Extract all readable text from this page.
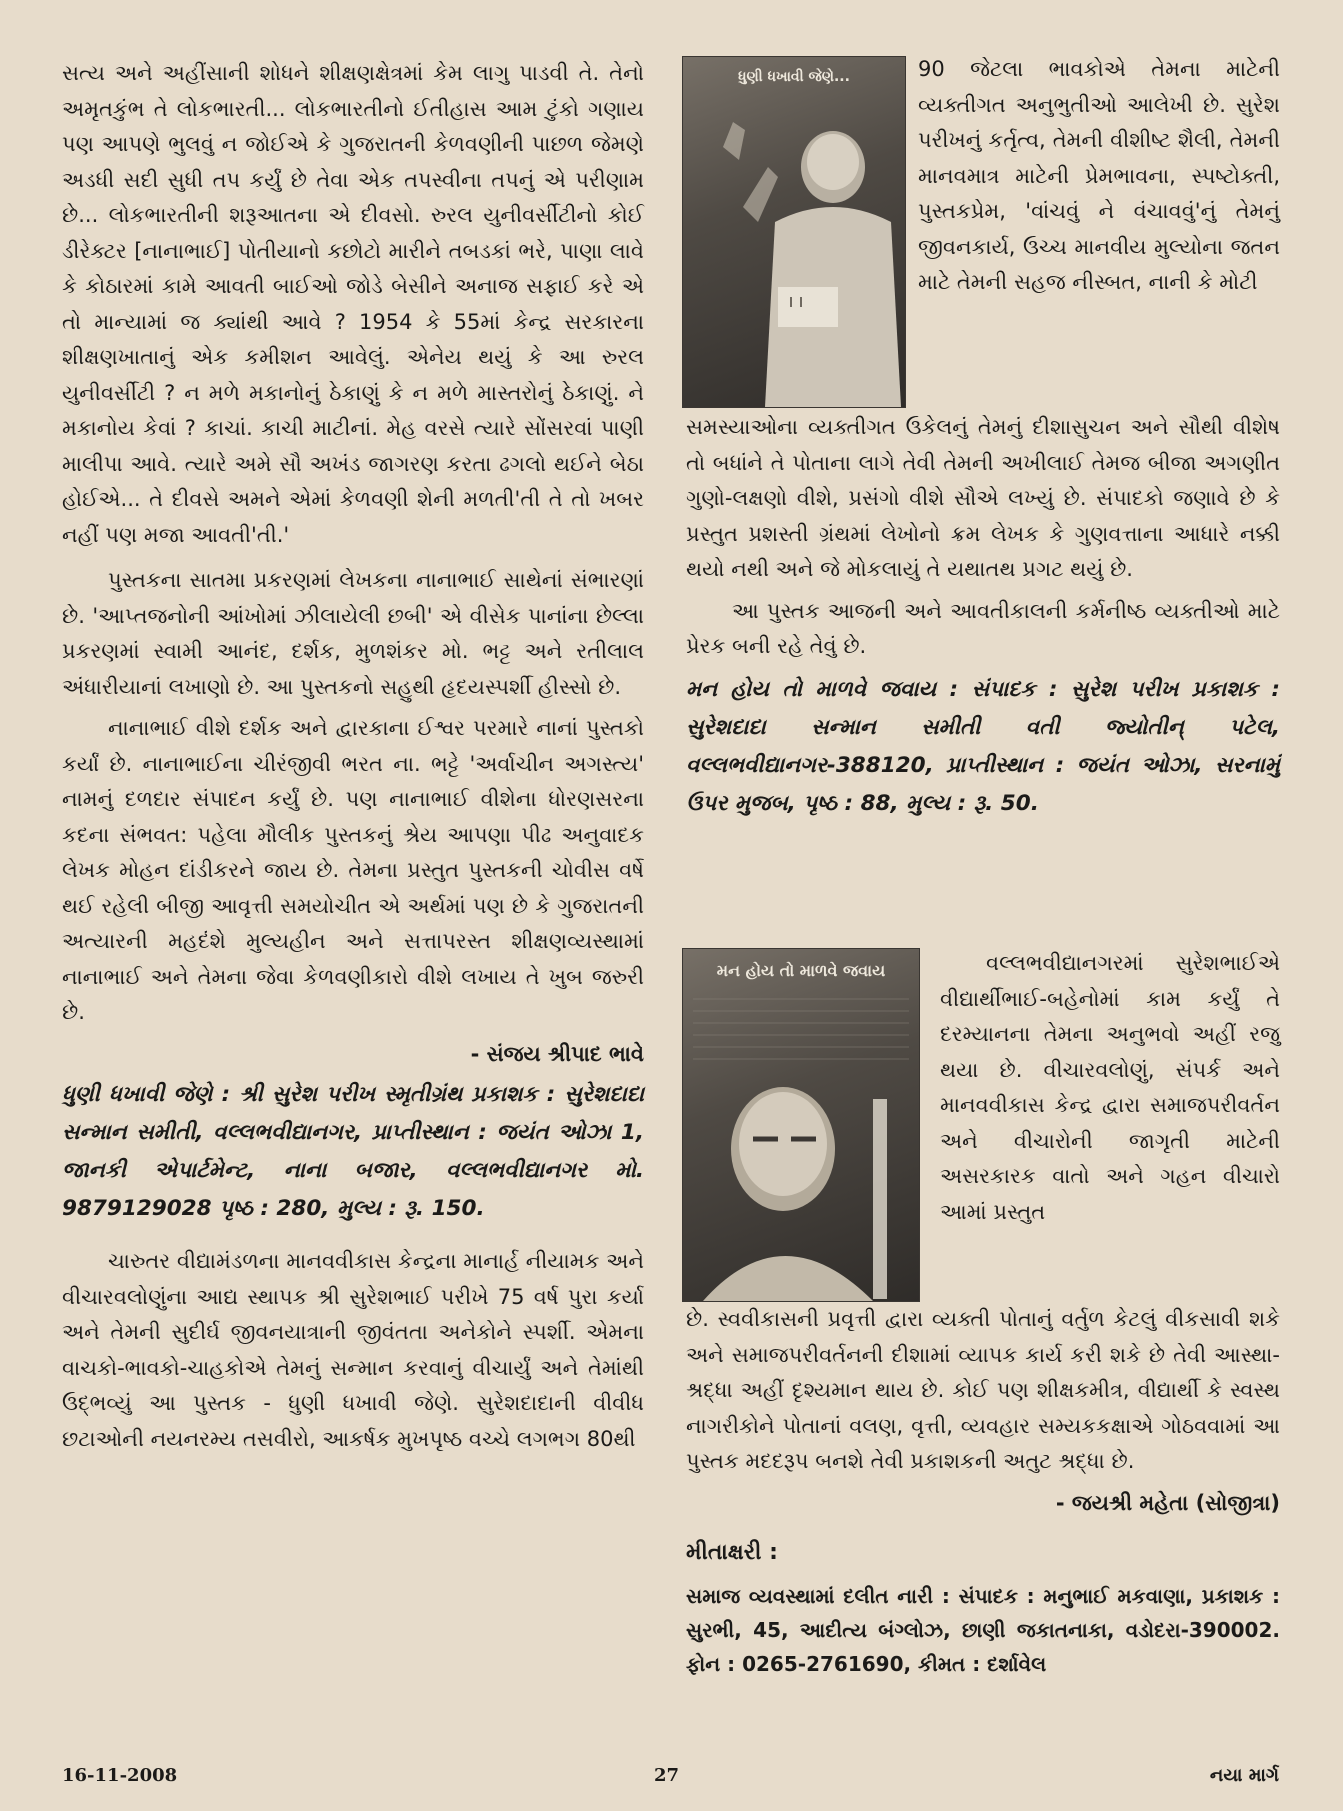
સત્ય અને અહીંસાની શોધને શીક્ષણક્ષેત્રમાં કેમ લાગુ પાડવી તે. તેનો અમૃતકુંભ તે લોકભારતી... લોકભારતીનો ઈતીહાસ આમ ટુંકો ગણાય પણ આપણે ભુલવું ન જોઈએ કે ગુજરાતની કેળવણીની પાછળ જેમણે અડધી સદી સુધી તપ કર્યું છે તેવા એક તપસ્વીના તપનું એ પરીણામ છે... લોકભારતીની શરૂઆતના એ દીવસો. રુરલ યુનીવર્સીટીનો કોઈ ડીરેક્ટર [નાનાભાઈ] પોતીયાનો કછોટો મારીને તબડકાં ભરે, પાણા લાવે કે કોઠારમાં કામે આવતી બાઈઓ જોડે બેસીને અનાજ સફાઈ કરે એ તો માન્યામાં જ ક્યાંથી આવે ? 1954 કે 55માં કેન્દ્ર સરકારના શીક્ષણખાતાનું એક કમીશન આવેલું. એનેય થયું કે આ રુરલ યુનીવર્સીટી ? ન મળે મકાનોનું ઠેકાણું કે ન મળે માસ્તરોનું ઠેકાણું. ને મકાનોય કેવાં ? કાચાં. કાચી માટીનાં. મેહ વરસે ત્યારે સોંસરવાં પાણી માલીપા આવે. ત્યારે અમે સૌ અખંડ જાગરણ કરતા ઢગલો થઈને બેઠા હોઈએ... તે દીવસે અમને એમાં કેળવણી શેની મળતી'તી તે તો ખબર નહીં પણ મજા આવતી'તી.'

પુસ્તકના સાતમા પ્રકરણમાં લેખકના નાનાભાઈ સાથેનાં સંભારણાં છે. 'આપ્તજનોની આંખોમાં ઝીલાયેલી છબી' એ વીસેક પાનાંના છેલ્લા પ્રકરણમાં સ્વામી આનંદ, દર્શક, મુળશંકર મો. ભટ્ટ અને રતીલાલ અંધારીયાનાં લખાણો છે. આ પુસ્તકનો સહુથી હૃદયસ્પર્શી હીસ્સો છે.

નાનાભાઈ વીશે દર્શક અને દ્વારકાના ઈશ્વર પરમારે નાનાં પુસ્તકો કર્યાં છે. નાનાભાઈના ચીરંજીવી ભરત ના. ભટ્ટે 'અર્વાચીન અગસ્ત્ય' નામનું દળદાર સંપાદન કર્યું છે. પણ નાનાભાઈ વીશેના ધોરણસરના કદના સંભવત: પહેલા મૌલીક પુસ્તકનું શ્રેય આપણા પીઢ અનુવાદક લેખક મોહન દાંડીકરને જાય છે. તેમના પ્રસ્તુત પુસ્તકની ચોવીસ વર્ષે થઈ રહેલી બીજી આવૃત્તી સમયોચીત એ અર્થમાં પણ છે કે ગુજરાતની અત્યારની મહદંશે મુલ્યહીન અને સત્તાપરસ્ત શીક્ષણવ્યસ્થામાં નાનાભાઈ અને તેમના જેવા કેળવણીકારો વીશે લખાય તે ખુબ જરુરી છે.

- સંજય શ્રીપાદ ભાવે

ધુણી ધખાવી જેણે : શ્રી સુરેશ પરીખ સ્મૃતીગ્રંથ પ્રકાશક : સુરેશદાદા સન્માન સમીતી, વલ્લભવીદ્યાનગર, પ્રાપ્તીસ્થાન : જયંત ઓઝા 1, જાનકી એપાર્ટમેન્ટ, નાના બજાર, વલ્લભવીદ્યાનગર મો. 9879129028 પૃષ્ઠ : 280, મુલ્ય : રૂ. 150.

ચારુતર વીદ્યામંડળના માનવવીકાસ કેન્દ્રના માનાર્હ નીયામક અને વીચારવલોણુંના આદ્ય સ્થાપક શ્રી સુરેશભાઈ પરીખે 75 વર્ષ પુરા કર્યા અને તેમની સુદીર્ઘ જીવનયાત્રાની જીવંતતા અનેકોને સ્પર્શી. એમના વાચકો-ભાવકો-ચાહકોએ તેમનું સન્માન કરવાનું વીચાર્યું અને તેમાંથી ઉદ્ભવ્યું આ પુસ્તક - ધુણી ધખાવી જેણે. સુરેશદાદાની વીવીધ છટાઓની નયનરમ્ય તસવીરો, આકર્ષક મુખપૃષ્ઠ વચ્ચે લગભગ 80થી

ધુણી ધખાવી જેણે...	90 જેટલા ભાવકોએ તેમના માટેની વ્યક્તીગત અનુભુતીઓ આલેખી છે. સુરેશ પરીખનું કર્તૃત્વ, તેમની વીશીષ્ટ શૈલી, તેમની માનવમાત્ર માટેની પ્રેમભાવના, સ્પષ્ટોક્તી, પુસ્તકપ્રેમ, 'વાંચવું ને વંચાવવું'નું તેમનું જીવનકાર્ય, ઉચ્ચ માનવીય મુલ્યોના જતન માટે તેમની સહજ નીસ્બત, નાની કે મોટી

સમસ્યાઓના વ્યક્તીગત ઉકેલનું તેમનું દીશાસુચન અને સૌથી વીશેષ તો બધાંને તે પોતાના લાગે તેવી તેમની અખીલાઈ તેમજ બીજા અગણીત ગુણો-લક્ષણો વીશે, પ્રસંગો વીશે સૌએ લખ્યું છે. સંપાદકો જણાવે છે કે પ્રસ્તુત પ્રશસ્તી ગ્રંથમાં લેખોનો ક્રમ લેખક કે ગુણવત્તાના આધારે નક્કી થયો નથી અને જે મોકલાયું તે યથાતથ પ્રગટ થયું છે.

આ પુસ્તક આજની અને આવતીકાલની કર્મનીષ્ઠ વ્યક્તીઓ માટે પ્રેરક બની રહે તેવું છે.

મન હોય તો માળવે જવાય : સંપાદક : સુરેશ પરીખ પ્રકાશક : સુરેશદાદા સન્માન સમીતી વતી જ્યોતીન્ પટેલ, વલ્લભવીદ્યાનગર-388120, પ્રાપ્તીસ્થાન : જયંત ઓઝા, સરનામું ઉપર મુજબ, પૃષ્ઠ : 88, મુલ્ય : રૂ. 50.

મન હોય તો માળવે જવાય	વલ્લભવીદ્યાનગરમાં સુરેશભાઈએ વીદ્યાર્થીભાઈ-બહેનોમાં કામ કર્યું તે દરમ્યાનના તેમના અનુભવો અહીં રજુ થયા છે. વીચારવલોણું, સંપર્ક અને માનવવીકાસ કેન્દ્ર દ્વારા સમાજપરીવર્તન અને વીચારોની જાગૃતી માટેની અસરકારક વાતો અને ગહન વીચારો આમાં પ્રસ્તુત

છે. સ્વવીકાસની પ્રવૃત્તી દ્વારા વ્યક્તી પોતાનું વર્તુળ કેટલું વીકસાવી શકે અને સમાજપરીવર્તનની દીશામાં વ્યાપક કાર્ય કરી શકે છે તેવી આસ્થા-શ્રદ્ધા અહીં દૃશ્યમાન થાય છે. કોઈ પણ શીક્ષકમીત્ર, વીદ્યાર્થી કે સ્વસ્થ નાગરીકોને પોતાનાં વલણ, વૃત્તી, વ્યવહાર સમ્યકકક્ષાએ ગોઠવવામાં આ પુસ્તક મદદરૂપ બનશે તેવી પ્રકાશકની અતુટ શ્રદ્ધા છે.

- જયશ્રી મહેતા (સોજીત્રા)

મીતાક્ષરી :

સમાજ વ્યવસ્થામાં દલીત નારી : સંપાદક : મનુભાઈ મકવાણા, પ્રકાશક : સુરભી, 45, આદીત્ય બંગ્લોઝ, છાણી જકાતનાકા, વડોદરા-390002. ફોન : 0265-2761690, કીમત : દર્શાવેલ

16-11-2008	27	નયા માર્ગ
